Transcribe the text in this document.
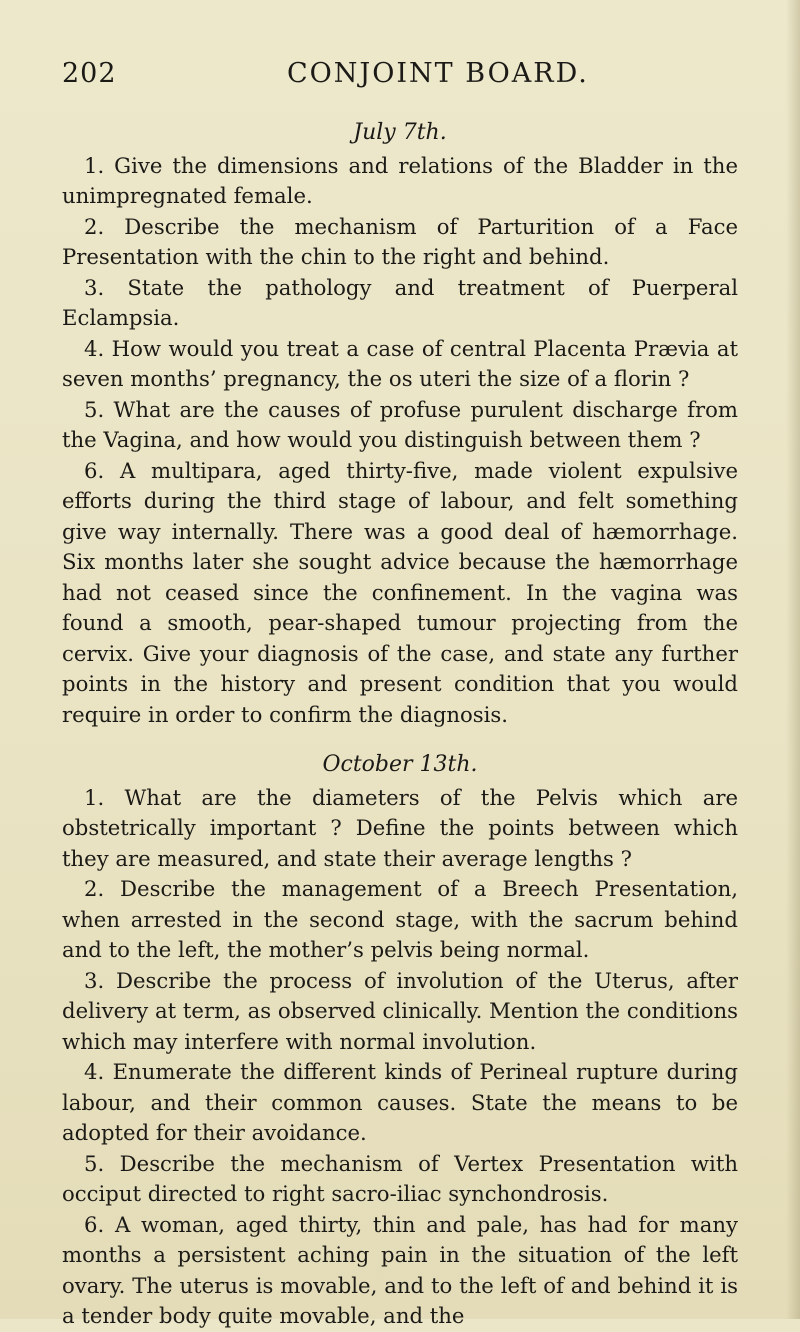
202	CONJOINT BOARD.

July 7th.

1. Give the dimensions and relations of the Bladder in the unimpregnated female.

2. Describe the mechanism of Parturition of a Face Presentation with the chin to the right and behind.

3. State the pathology and treatment of Puerperal Eclampsia.

4. How would you treat a case of central Placenta Prævia at seven months’ pregnancy, the os uteri the size of a florin ?

5. What are the causes of profuse purulent discharge from the Vagina, and how would you distinguish between them ?

6. A multipara, aged thirty-five, made violent expulsive efforts during the third stage of labour, and felt something give way internally. There was a good deal of hæmorrhage. Six months later she sought advice because the hæmorrhage had not ceased since the confinement. In the vagina was found a smooth, pear-shaped tumour projecting from the cervix. Give your diagnosis of the case, and state any further points in the history and present condition that you would require in order to confirm the diagnosis.

October 13th.

1. What are the diameters of the Pelvis which are obstetrically important ? Define the points between which they are measured, and state their average lengths ?

2. Describe the management of a Breech Presentation, when arrested in the second stage, with the sacrum behind and to the left, the mother’s pelvis being normal.

3. Describe the process of involution of the Uterus, after delivery at term, as observed clinically. Mention the conditions which may interfere with normal involution.

4. Enumerate the different kinds of Perineal rupture during labour, and their common causes. State the means to be adopted for their avoidance.

5. Describe the mechanism of Vertex Presentation with occiput directed to right sacro-iliac synchondrosis.

6. A woman, aged thirty, thin and pale, has had for many months a persistent aching pain in the situation of the left ovary. The uterus is movable, and to the left of and behind it is a tender body quite movable, and the
